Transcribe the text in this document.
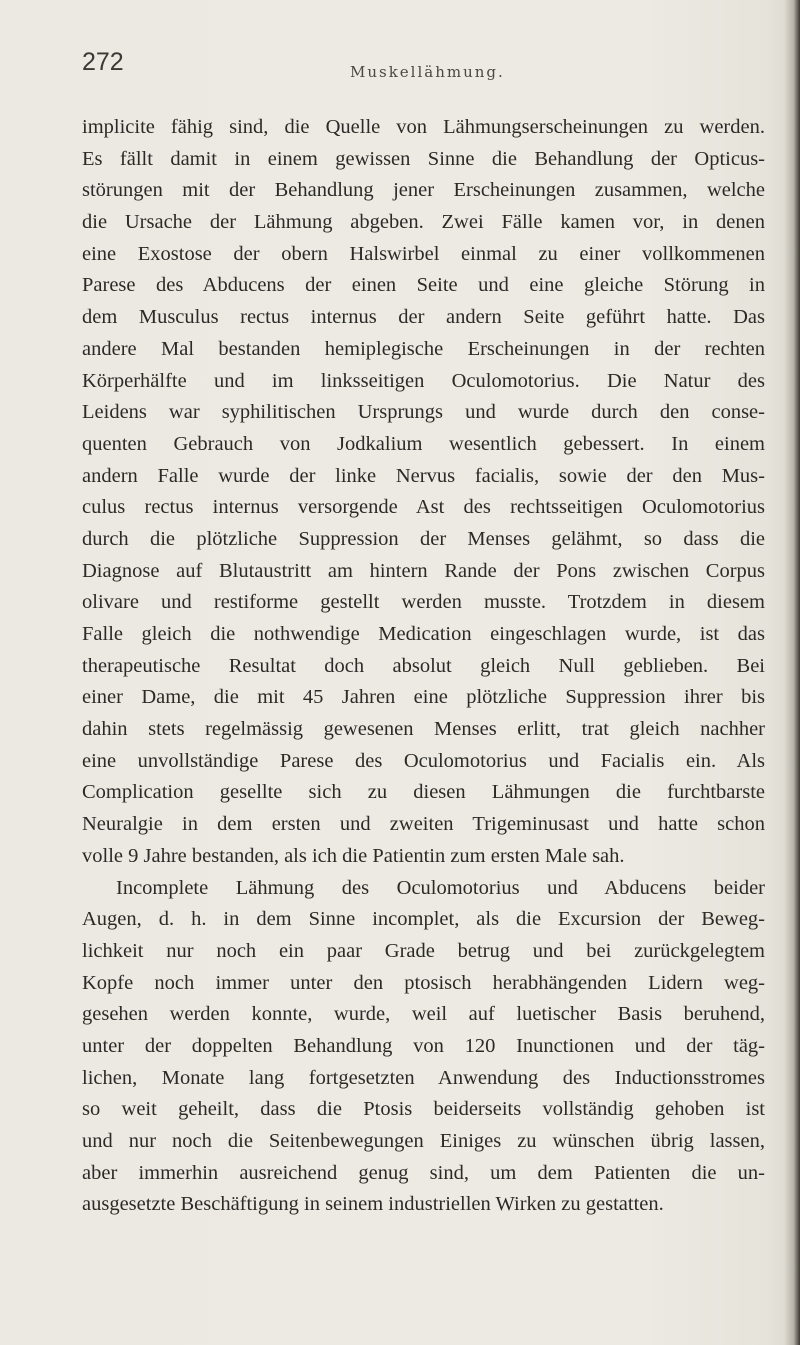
272	Muskellähmung.
implicite fähig sind, die Quelle von Lähmungserscheinungen zu werden.
Es fällt damit in einem gewissen Sinne die Behandlung der Opticus-
störungen mit der Behandlung jener Erscheinungen zusammen, welche
die Ursache der Lähmung abgeben. Zwei Fälle kamen vor, in denen
eine Exostose der obern Halswirbel einmal zu einer vollkommenen
Parese des Abducens der einen Seite und eine gleiche Störung in
dem Musculus rectus internus der andern Seite geführt hatte. Das
andere Mal bestanden hemiplegische Erscheinungen in der rechten
Körperhälfte und im linksseitigen Oculomotorius. Die Natur des
Leidens war syphilitischen Ursprungs und wurde durch den conse-
quenten Gebrauch von Jodkalium wesentlich gebessert. In einem
andern Falle wurde der linke Nervus facialis, sowie der den Mus-
culus rectus internus versorgende Ast des rechtsseitigen Oculomotorius
durch die plötzliche Suppression der Menses gelähmt, so dass die
Diagnose auf Blutaustritt am hintern Rande der Pons zwischen Corpus
olivare und restiforme gestellt werden musste. Trotzdem in diesem
Falle gleich die nothwendige Medication eingeschlagen wurde, ist das
therapeutische Resultat doch absolut gleich Null geblieben. Bei
einer Dame, die mit 45 Jahren eine plötzliche Suppression ihrer bis
dahin stets regelmässig gewesenen Menses erlitt, trat gleich nachher
eine unvollständige Parese des Oculomotorius und Facialis ein. Als
Complication gesellte sich zu diesen Lähmungen die furchtbarste
Neuralgie in dem ersten und zweiten Trigeminusast und hatte schon
volle 9 Jahre bestanden, als ich die Patientin zum ersten Male sah.
Incomplete Lähmung des Oculomotorius und Abducens beider
Augen, d. h. in dem Sinne incomplet, als die Excursion der Beweg-
lichkeit nur noch ein paar Grade betrug und bei zurückgelegtem
Kopfe noch immer unter den ptosisch herabhängenden Lidern weg-
gesehen werden konnte, wurde, weil auf luetischer Basis beruhend,
unter der doppelten Behandlung von 120 Inunctionen und der täg-
lichen, Monate lang fortgesetzten Anwendung des Inductionsstromes
so weit geheilt, dass die Ptosis beiderseits vollständig gehoben ist
und nur noch die Seitenbewegungen Einiges zu wünschen übrig lassen,
aber immerhin ausreichend genug sind, um dem Patienten die un-
ausgesetzte Beschäftigung in seinem industriellen Wirken zu gestatten.
